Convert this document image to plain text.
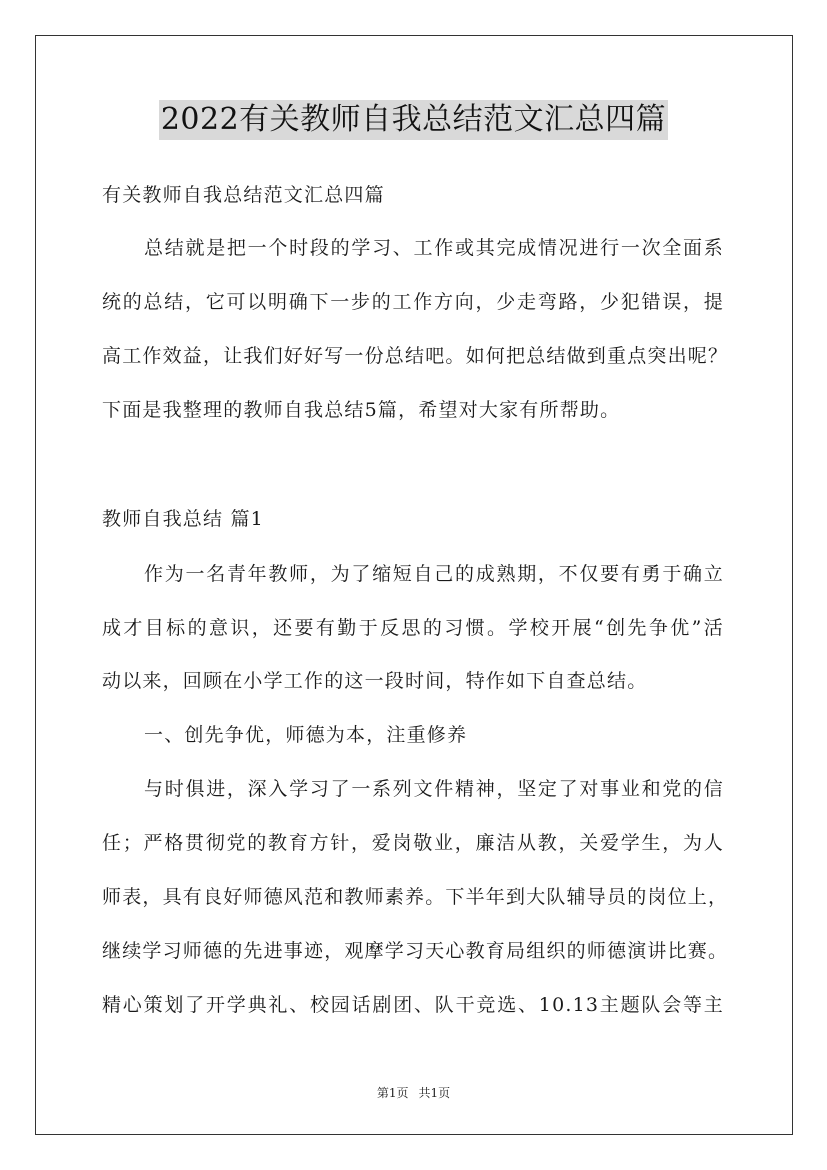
2022有关教师自我总结范文汇总四篇
有关教师自我总结范文汇总四篇
总结就是把一个时段的学习、工作或其完成情况进行一次全面系
统的总结，它可以明确下一步的工作方向，少走弯路，少犯错误，提
高工作效益，让我们好好写一份总结吧。如何把总结做到重点突出呢？
下面是我整理的教师自我总结5篇，希望对大家有所帮助。
教师自我总结 篇1
作为一名青年教师，为了缩短自己的成熟期，不仅要有勇于确立
成才目标的意识，还要有勤于反思的习惯。学校开展“创先争优”活
动以来，回顾在小学工作的这一段时间，特作如下自查总结。
一、创先争优，师德为本，注重修养
与时俱进，深入学习了一系列文件精神，坚定了对事业和党的信
任；严格贯彻党的教育方针，爱岗敬业，廉洁从教，关爱学生，为人
师表，具有良好师德风范和教师素养。下半年到大队辅导员的岗位上，
继续学习师德的先进事迹，观摩学习天心教育局组织的师德演讲比赛。
精心策划了开学典礼、校园话剧团、队干竞选、10.13主题队会等主
第1页 共1页
